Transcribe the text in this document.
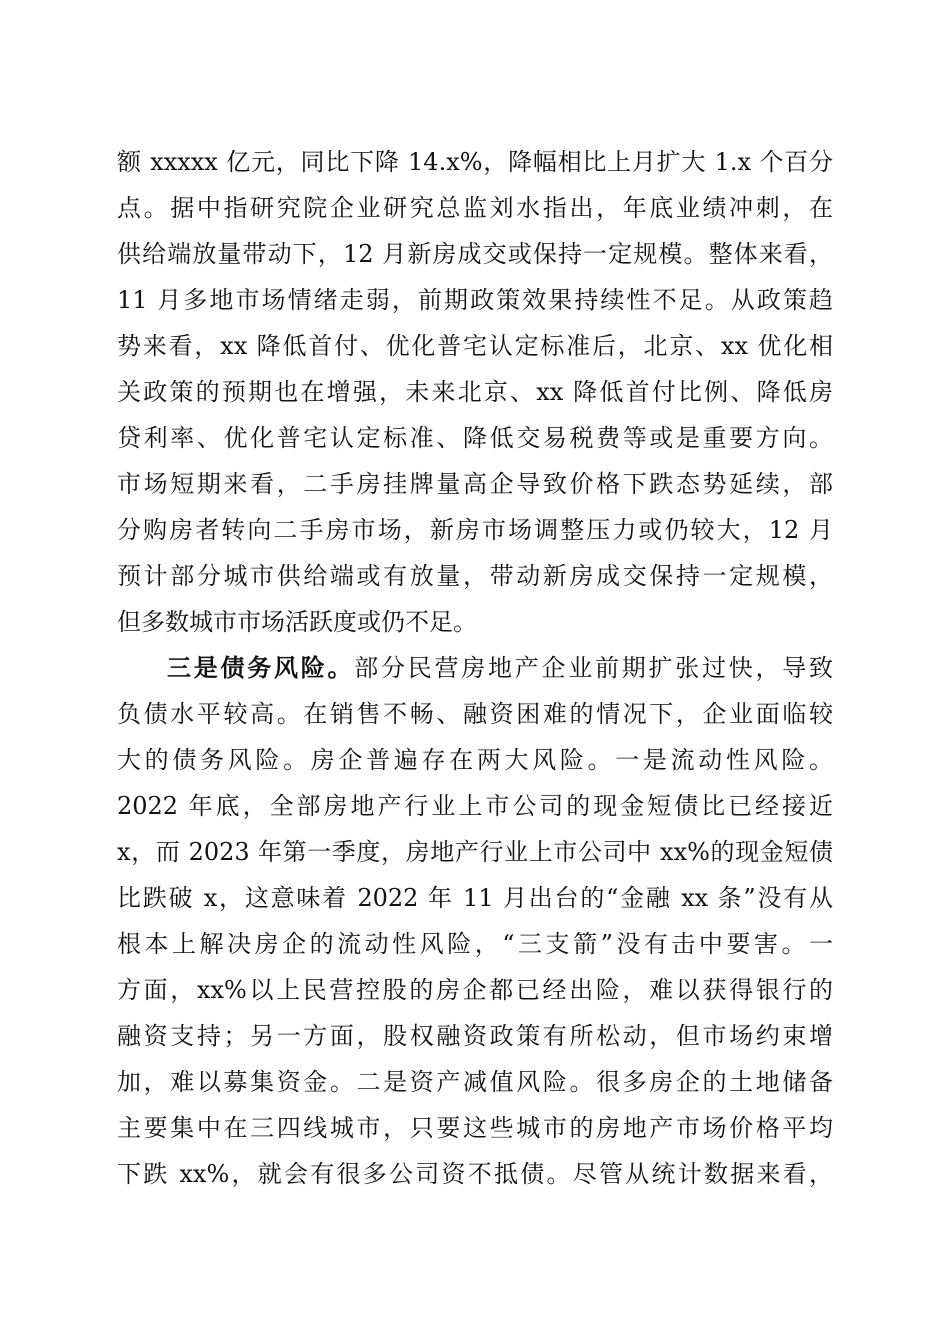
额 xxxxx 亿元，同比下降 14.x%，降幅相比上月扩大 1.x 个百分
点。据中指研究院企业研究总监刘水指出，年底业绩冲刺，在
供给端放量带动下，12 月新房成交或保持一定规模。整体来看，
11 月多地市场情绪走弱，前期政策效果持续性不足。从政策趋
势来看，xx 降低首付、优化普宅认定标准后，北京、xx 优化相
关政策的预期也在增强，未来北京、xx 降低首付比例、降低房
贷利率、优化普宅认定标准、降低交易税费等或是重要方向。
市场短期来看，二手房挂牌量高企导致价格下跌态势延续，部
分购房者转向二手房市场，新房市场调整压力或仍较大，12 月
预计部分城市供给端或有放量，带动新房成交保持一定规模，
但多数城市市场活跃度或仍不足。
三是债务风险。部分民营房地产企业前期扩张过快，导致
负债水平较高。在销售不畅、融资困难的情况下，企业面临较
大的债务风险。房企普遍存在两大风险。一是流动性风险。
2022 年底，全部房地产行业上市公司的现金短债比已经接近
x，而 2023 年第一季度，房地产行业上市公司中 xx%的现金短债
比跌破 x，这意味着 2022 年 11 月出台的“金融 xx 条”没有从
根本上解决房企的流动性风险，“三支箭”没有击中要害。一
方面，xx%以上民营控股的房企都已经出险，难以获得银行的
融资支持；另一方面，股权融资政策有所松动，但市场约束增
加，难以募集资金。二是资产减值风险。很多房企的土地储备
主要集中在三四线城市，只要这些城市的房地产市场价格平均
下跌 xx%，就会有很多公司资不抵债。尽管从统计数据来看，
